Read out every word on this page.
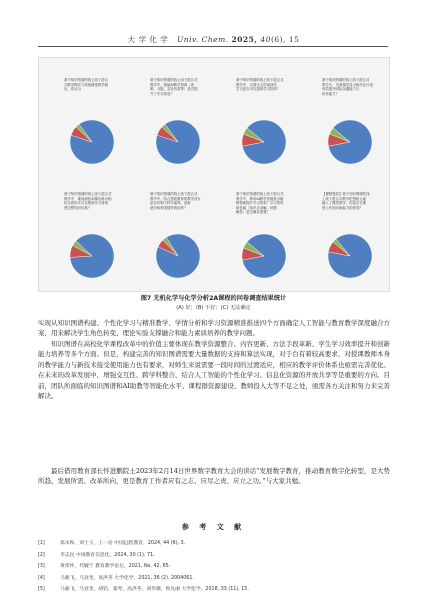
大 学 化 学 Univ. Chem. 2025, 40(6), 15
基于知识图谱的线上线下混合
式教学模式与传统课堂教学相
比，你认为
基于知识图谱的线上线下混合式
教学中，借助AI教学资源（视
频、习题、实验仿真等）是否提
升了学习体验？
基于知识图谱的线上线下混合式
教学中，自我为主的选择性
学习是否可以提高学习效率？
基于知识图谱的线上线下混合式
教学中，交流课堂及小组作业讨论
有效提升团队沟通能力与
协作能力？
基于知识图谱的线上线下混合式
教学中，课前测验和课后练习相
结合的形式可以帮助学习者构
建完整知识体系？
基于知识图谱的线上线下混合式
教学中，结合思政教育的教学设计
是否有利于科学素养、创新
意识和家国情怀的培养？
基于知识图谱的线上线下混合式
教学中，利用AI教学资源是否能
够帮助提升学习效率？学习资料
和答疑（知识点讲解、问题
解答）是否满足需要？
【课程思政】基于知识图谱的线
上线下混合式教学把思政元素
融入了课堂教学，你是否在课
堂上有知识和能力的获得？
图7 无机化学与化学分析2A课程的问卷调查结果统计
(A) 好；(B) 不好；(C) 无法确定

实现从知识图谱构建、个性化学习与精准教学、学情分析和学习资源精准推送四个方面确定人工智能与教育教学深度融合方案，用来解决学生角色转变、理论实验支撑融合和能力素质培养的教学问题。

知识图谱在高校化学课程改革中的价值主要体现在教学资源整合、内容更新、方法手段革新、学生学习效率提升和创新能力培养等多个方面。但是，构建完善的知识图谱需要大量数据的支持和算法实现，对于台有着较高要求，对授课教师本身的教学能力与新技术接受使用能力也有要求，对师生来说需要一段时间的过渡适应，相应的教学评价体系也亟需完善优化。在未来的改革发展中，增强交互性、跨学科整合、结合人工智能的个性化学习、信息化资源的开放共享等是重要的方向。目前，团队所面临的知识图谱和AI助教等智能化水平、课程群资源建设、教师投入大等不足之处，亟需各方关注和努力来完善解决。

最后借用教育部长怀进鹏院士2023年2月14日世界数字教育大会的讲话“发展数字教育，推动教育数字化转型，是大势所趋、发展所需、改革所向，更是教育工作者应有之志、应尽之责、应立之功。”与大家共勉。

参 考 文 献
[1]	郑永和，刘士玉，王一岩 中国远程教育，2024, 44 (6), 3.
[2]	李志民 中国教育信息化，2024, 30 (1), 71.
[3]	黄荣怀，代毓宁 教育教学论坛，2021, No. 42, 65.
[4]	马骏飞，马登奎，高洪苓 大学化学，2021, 36 (2), 2004061.
[5]	马骏飞，马登奎，胡钧，秦琴，高洪苓，刘华珊，鲁凡丽 大学化学，2018, 33 (11), 15.
